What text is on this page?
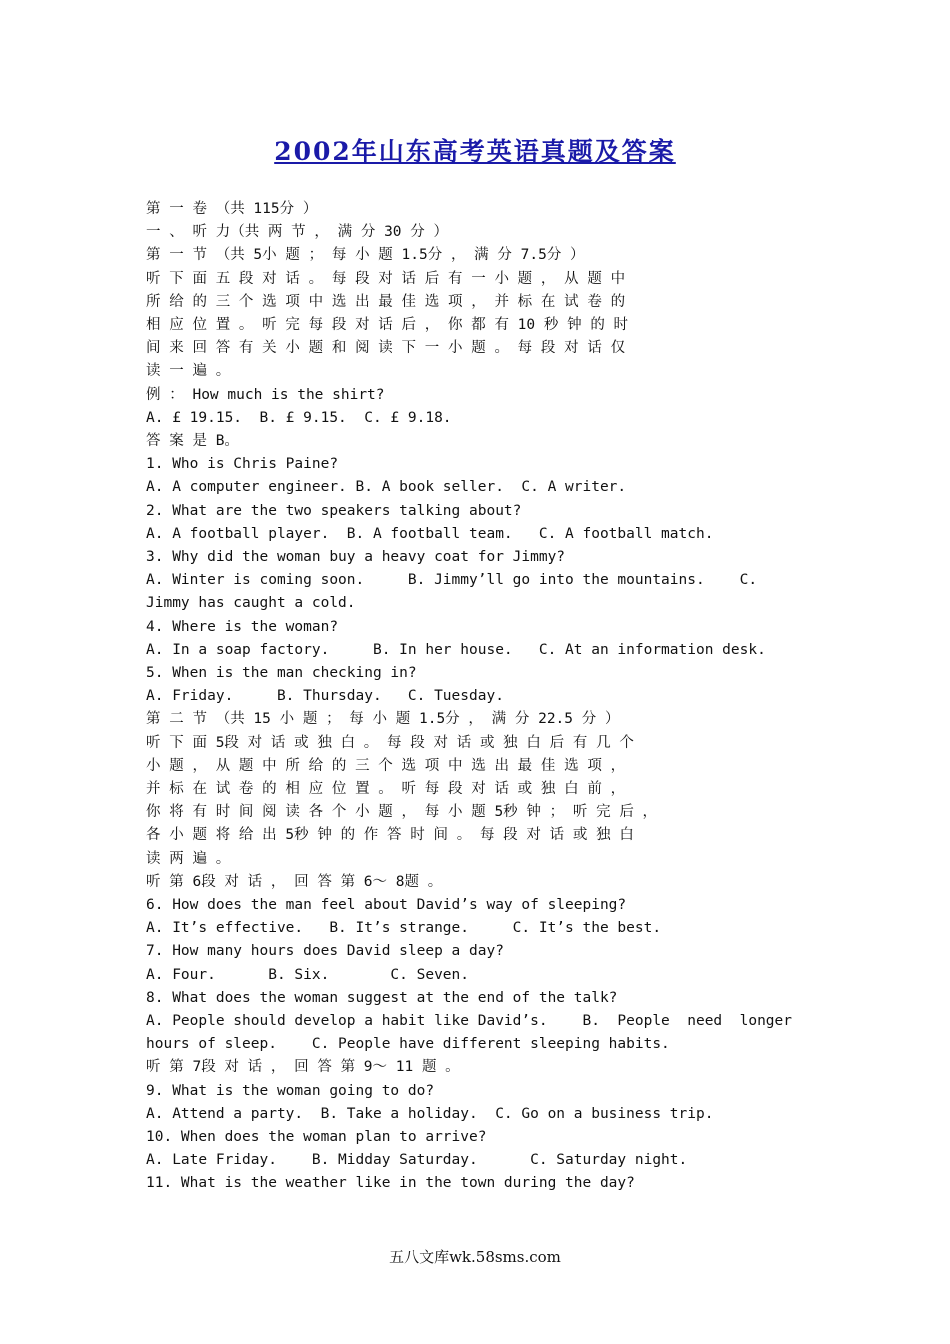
2002年山东高考英语真题及答案
第 一 卷 （共 115分 ）
一 、 听 力（共 两 节 ， 满 分 30 分 ）
第 一 节 （共 5小 题 ； 每 小 题 1.5分 ， 满 分 7.5分 ）
听 下 面 五 段 对 话 。 每 段 对 话 后 有 一 小 题 ， 从 题 中
所 给 的 三 个 选 项 中 选 出 最 佳 选 项 ， 并 标 在 试 卷 的
相 应 位 置 。 听 完 每 段 对 话 后 ， 你 都 有 10 秒 钟 的 时
间 来 回 答 有 关 小 题 和 阅 读 下 一 小 题 。 每 段 对 话 仅
读 一 遍 。
例 ： How much is the shirt?
A. £ 19.15.  B. £ 9.15.  C. £ 9.18.
答 案 是 B。
1. Who is Chris Paine?
A. A computer engineer. B. A book seller.  C. A writer.
2. What are the two speakers talking about?
A. A football player.  B. A football team.   C. A football match.
3. Why did the woman buy a heavy coat for Jimmy?
A. Winter is coming soon.     B. Jimmy’ll go into the mountains.    C.
Jimmy has caught a cold.
4. Where is the woman?
A. In a soap factory.     B. In her house.   C. At an information desk.
5. When is the man checking in?
A. Friday.     B. Thursday.   C. Tuesday.
第 二 节 （共 15 小 题 ； 每 小 题 1.5分 ， 满 分 22.5 分 ）
听 下 面 5段 对 话 或 独 白 。 每 段 对 话 或 独 白 后 有 几 个
小 题 ， 从 题 中 所 给 的 三 个 选 项 中 选 出 最 佳 选 项 ，
并 标 在 试 卷 的 相 应 位 置 。 听 每 段 对 话 或 独 白 前 ，
你 将 有 时 间 阅 读 各 个 小 题 ， 每 小 题 5秒 钟 ； 听 完 后 ，
各 小 题 将 给 出 5秒 钟 的 作 答 时 间 。 每 段 对 话 或 独 白
读 两 遍 。
听 第 6段 对 话 ， 回 答 第 6～ 8题 。
6. How does the man feel about David’s way of sleeping?
A. It’s effective.   B. It’s strange.     C. It’s the best.
7. How many hours does David sleep a day?
A. Four.      B. Six.       C. Seven.
8. What does the woman suggest at the end of the talk?
A. People should develop a habit like David’s.    B.  People  need  longer
hours of sleep.    C. People have different sleeping habits.
听 第 7段 对 话 ， 回 答 第 9～ 11 题 。
9. What is the woman going to do?
A. Attend a party.  B. Take a holiday.  C. Go on a business trip.
10. When does the woman plan to arrive?
A. Late Friday.    B. Midday Saturday.      C. Saturday night.
11. What is the weather like in the town during the day?
五八文库wk.58sms.com
